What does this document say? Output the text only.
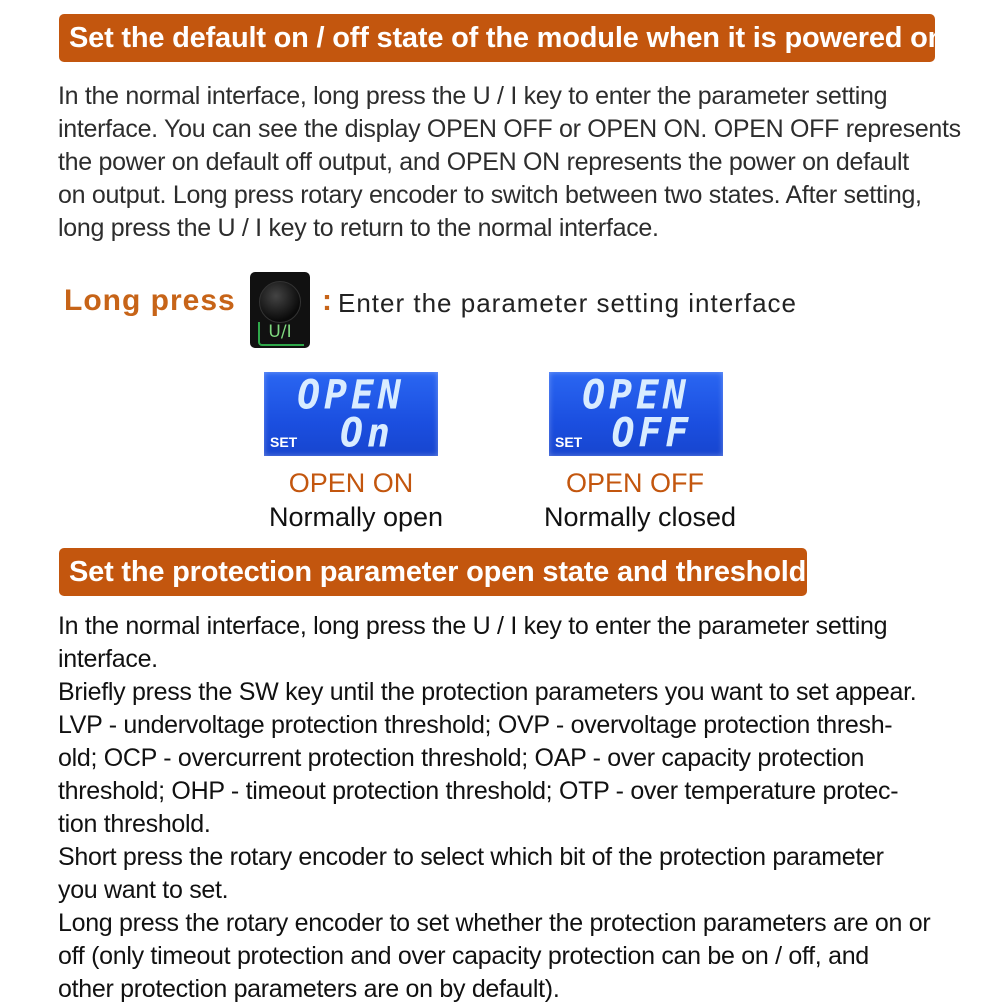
Set the default on / off state of the module when it is powered on

In the normal interface, long press the U / I key to enter the parameter setting
interface. You can see the display OPEN OFF or OPEN ON. OPEN OFF represents
the power on default off output, and OPEN ON represents the power on default
on output. Long press rotary encoder to switch between two states. After setting,
long press the U / I key to return to the normal interface.

Long press
U/I
: Enter the parameter setting interface
OPEN
On
SET
OPEN ON
Normally open
OPEN
OFF
SET
OPEN OFF
Normally closed
Set the protection parameter open state and threshold

In the normal interface, long press the U / I key to enter the parameter setting
interface.
Briefly press the SW key until the protection parameters you want to set appear.
LVP - undervoltage protection threshold; OVP - overvoltage protection thresh-
old; OCP - overcurrent protection threshold; OAP - over capacity protection
threshold; OHP - timeout protection threshold; OTP - over temperature protec-
tion threshold.
Short press the rotary encoder to select which bit of the protection parameter
you want to set.
Long press the rotary encoder to set whether the protection parameters are on or
off (only timeout protection and over capacity protection can be on / off, and
other protection parameters are on by default).
